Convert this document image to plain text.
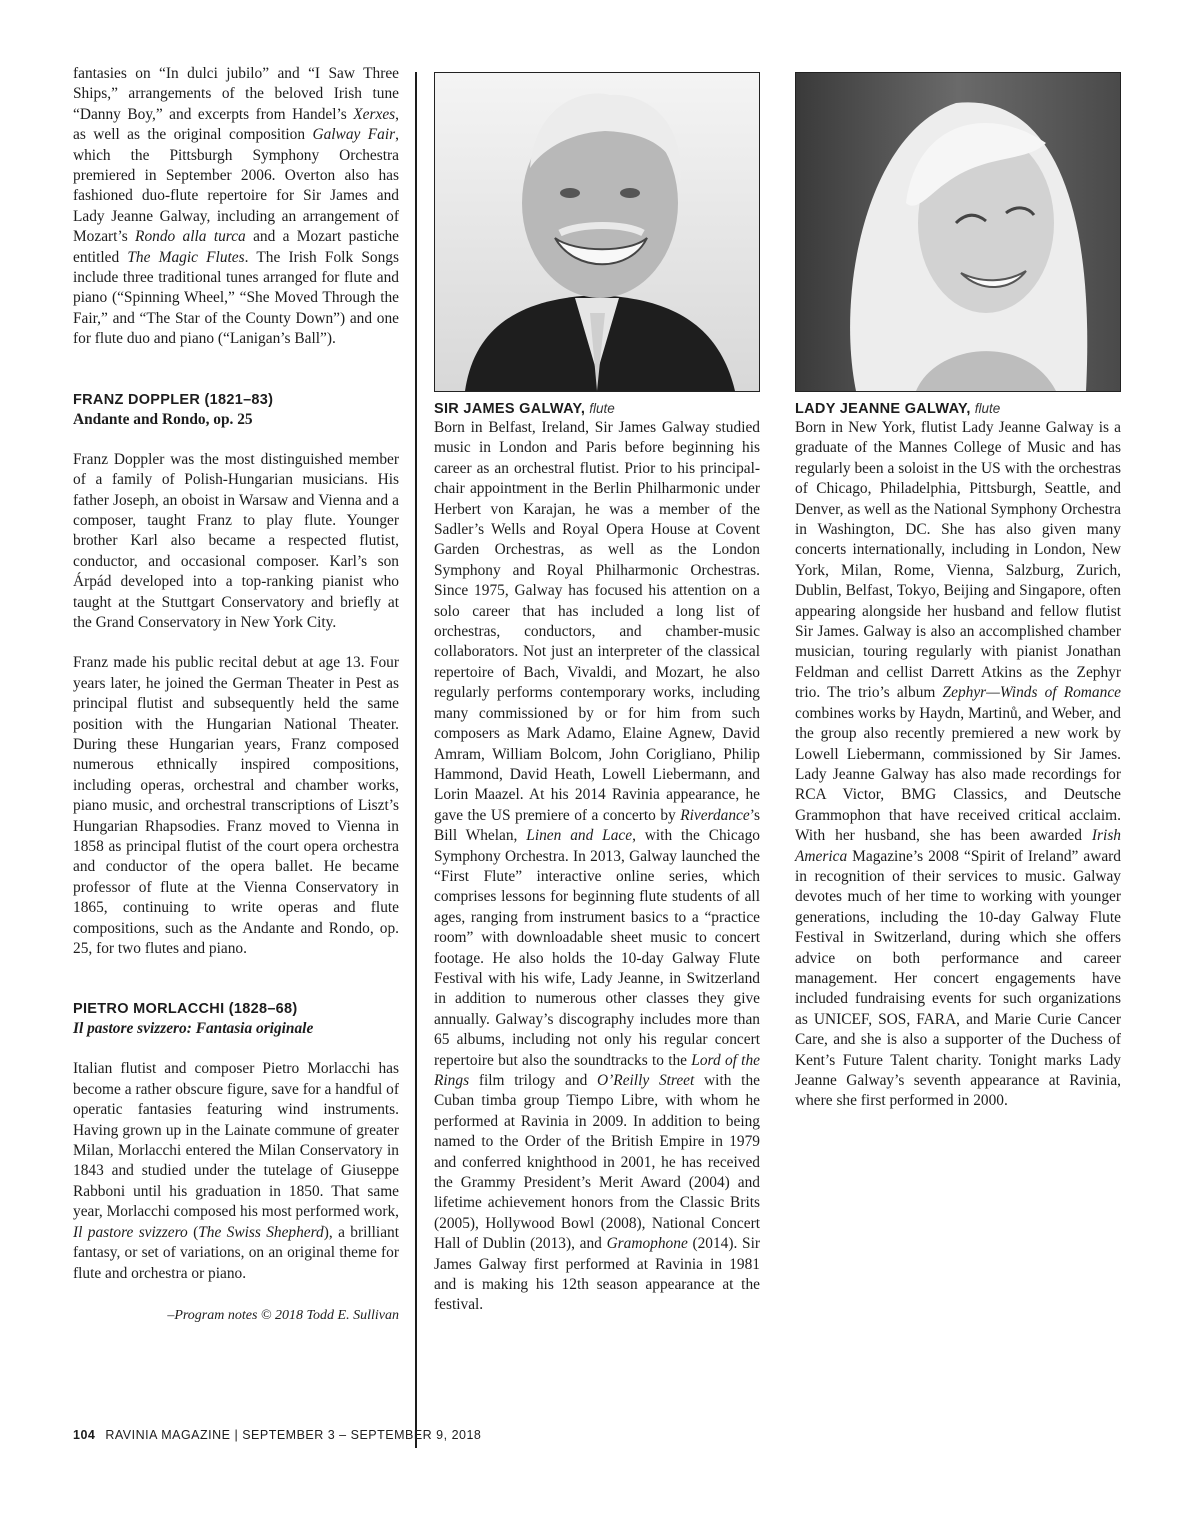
fantasies on “In dulci jubilo” and “I Saw Three Ships,” arrangements of the beloved Irish tune “Danny Boy,” and excerpts from Handel’s Xerxes, as well as the original composition Galway Fair, which the Pittsburgh Symphony Orchestra premiered in September 2006. Overton also has fashioned duo-flute repertoire for Sir James and Lady Jeanne Galway, including an arrangement of Mozart’s Rondo alla turca and a Mozart pastiche entitled The Magic Flutes. The Irish Folk Songs include three traditional tunes arranged for flute and piano (“Spinning Wheel,” “She Moved Through the Fair,” and “The Star of the County Down”) and one for flute duo and piano (“Lanigan’s Ball”).

FRANZ DOPPLER (1821–83)
Andante and Rondo, op. 25

Franz Doppler was the most distinguished member of a family of Polish-Hungarian musicians. His father Joseph, an oboist in Warsaw and Vienna and a composer, taught Franz to play flute. Younger brother Karl also became a respected flutist, conductor, and occasional composer. Karl’s son Árpád developed into a top-ranking pianist who taught at the Stuttgart Conservatory and briefly at the Grand Conservatory in New York City.

Franz made his public recital debut at age 13. Four years later, he joined the German Theater in Pest as principal flutist and subsequently held the same position with the Hungarian National Theater. During these Hungarian years, Franz composed numerous ethnically inspired compositions, including operas, orchestral and chamber works, piano music, and orchestral transcriptions of Liszt’s Hungarian Rhapsodies. Franz moved to Vienna in 1858 as principal flutist of the court opera orchestra and conductor of the opera ballet. He became professor of flute at the Vienna Conservatory in 1865, continuing to write operas and flute compositions, such as the Andante and Rondo, op. 25, for two flutes and piano.

PIETRO MORLACCHI (1828–68)
Il pastore svizzero: Fantasia originale

Italian flutist and composer Pietro Morlacchi has become a rather obscure figure, save for a handful of operatic fantasies featuring wind instruments. Having grown up in the Lainate commune of greater Milan, Morlacchi entered the Milan Conservatory in 1843 and studied under the tutelage of Giuseppe Rabboni until his graduation in 1850. That same year, Morlacchi composed his most performed work, Il pastore svizzero (The Swiss Shepherd), a brilliant fantasy, or set of variations, on an original theme for flute and orchestra or piano.

–Program notes © 2018 Todd E. Sullivan
SIR JAMES GALWAY, flute

Born in Belfast, Ireland, Sir James Galway studied music in London and Paris before beginning his career as an orchestral flutist. Prior to his principal-chair appointment in the Berlin Philharmonic under Herbert von Karajan, he was a member of the Sadler’s Wells and Royal Opera House at Covent Garden Orchestras, as well as the London Symphony and Royal Philharmonic Orchestras. Since 1975, Galway has focused his attention on a solo career that has included a long list of orchestras, conductors, and chamber-music collaborators. Not just an interpreter of the classical repertoire of Bach, Vivaldi, and Mozart, he also regularly performs contemporary works, including many commissioned by or for him from such composers as Mark Adamo, Elaine Agnew, David Amram, William Bolcom, John Corigliano, Philip Hammond, David Heath, Lowell Liebermann, and Lorin Maazel. At his 2014 Ravinia appearance, he gave the US premiere of a concerto by Riverdance’s Bill Whelan, Linen and Lace, with the Chicago Symphony Orchestra. In 2013, Galway launched the “First Flute” interactive online series, which comprises lessons for beginning flute students of all ages, ranging from instrument basics to a “practice room” with downloadable sheet music to concert footage. He also holds the 10-day Galway Flute Festival with his wife, Lady Jeanne, in Switzerland in addition to numerous other classes they give annually. Galway’s discography includes more than 65 albums, including not only his regular concert repertoire but also the soundtracks to the Lord of the Rings film trilogy and O’Reilly Street with the Cuban timba group Tiempo Libre, with whom he performed at Ravinia in 2009. In addition to being named to the Order of the British Empire in 1979 and conferred knighthood in 2001, he has received the Grammy President’s Merit Award (2004) and lifetime achievement honors from the Classic Brits (2005), Hollywood Bowl (2008), National Concert Hall of Dublin (2013), and Gramophone (2014). Sir James Galway first performed at Ravinia in 1981 and is making his 12th season appearance at the festival.

LADY JEANNE GALWAY, flute

Born in New York, flutist Lady Jeanne Galway is a graduate of the Mannes College of Music and has regularly been a soloist in the US with the orchestras of Chicago, Philadelphia, Pittsburgh, Seattle, and Denver, as well as the National Symphony Orchestra in Washington, DC. She has also given many concerts internationally, including in London, New York, Milan, Rome, Vienna, Salzburg, Zurich, Dublin, Belfast, Tokyo, Beijing and Singapore, often appearing alongside her husband and fellow flutist Sir James. Galway is also an accomplished chamber musician, touring regularly with pianist Jonathan Feldman and cellist Darrett Atkins as the Zephyr trio. The trio’s album Zephyr—Winds of Romance combines works by Haydn, Martinů, and Weber, and the group also recently premiered a new work by Lowell Liebermann, commissioned by Sir James. Lady Jeanne Galway has also made recordings for RCA Victor, BMG Classics, and Deutsche Grammophon that have received critical acclaim. With her husband, she has been awarded Irish America Magazine’s 2008 “Spirit of Ireland” award in recognition of their services to music. Galway devotes much of her time to working with younger generations, including the 10-day Galway Flute Festival in Switzerland, during which she offers advice on both performance and career management. Her concert engagements have included fundraising events for such organizations as UNICEF, SOS, FARA, and Marie Curie Cancer Care, and she is also a supporter of the Duchess of Kent’s Future Talent charity. Tonight marks Lady Jeanne Galway’s seventh appearance at Ravinia, where she first performed in 2000.

104 RAVINIA MAGAZINE | SEPTEMBER 3 – SEPTEMBER 9, 2018
